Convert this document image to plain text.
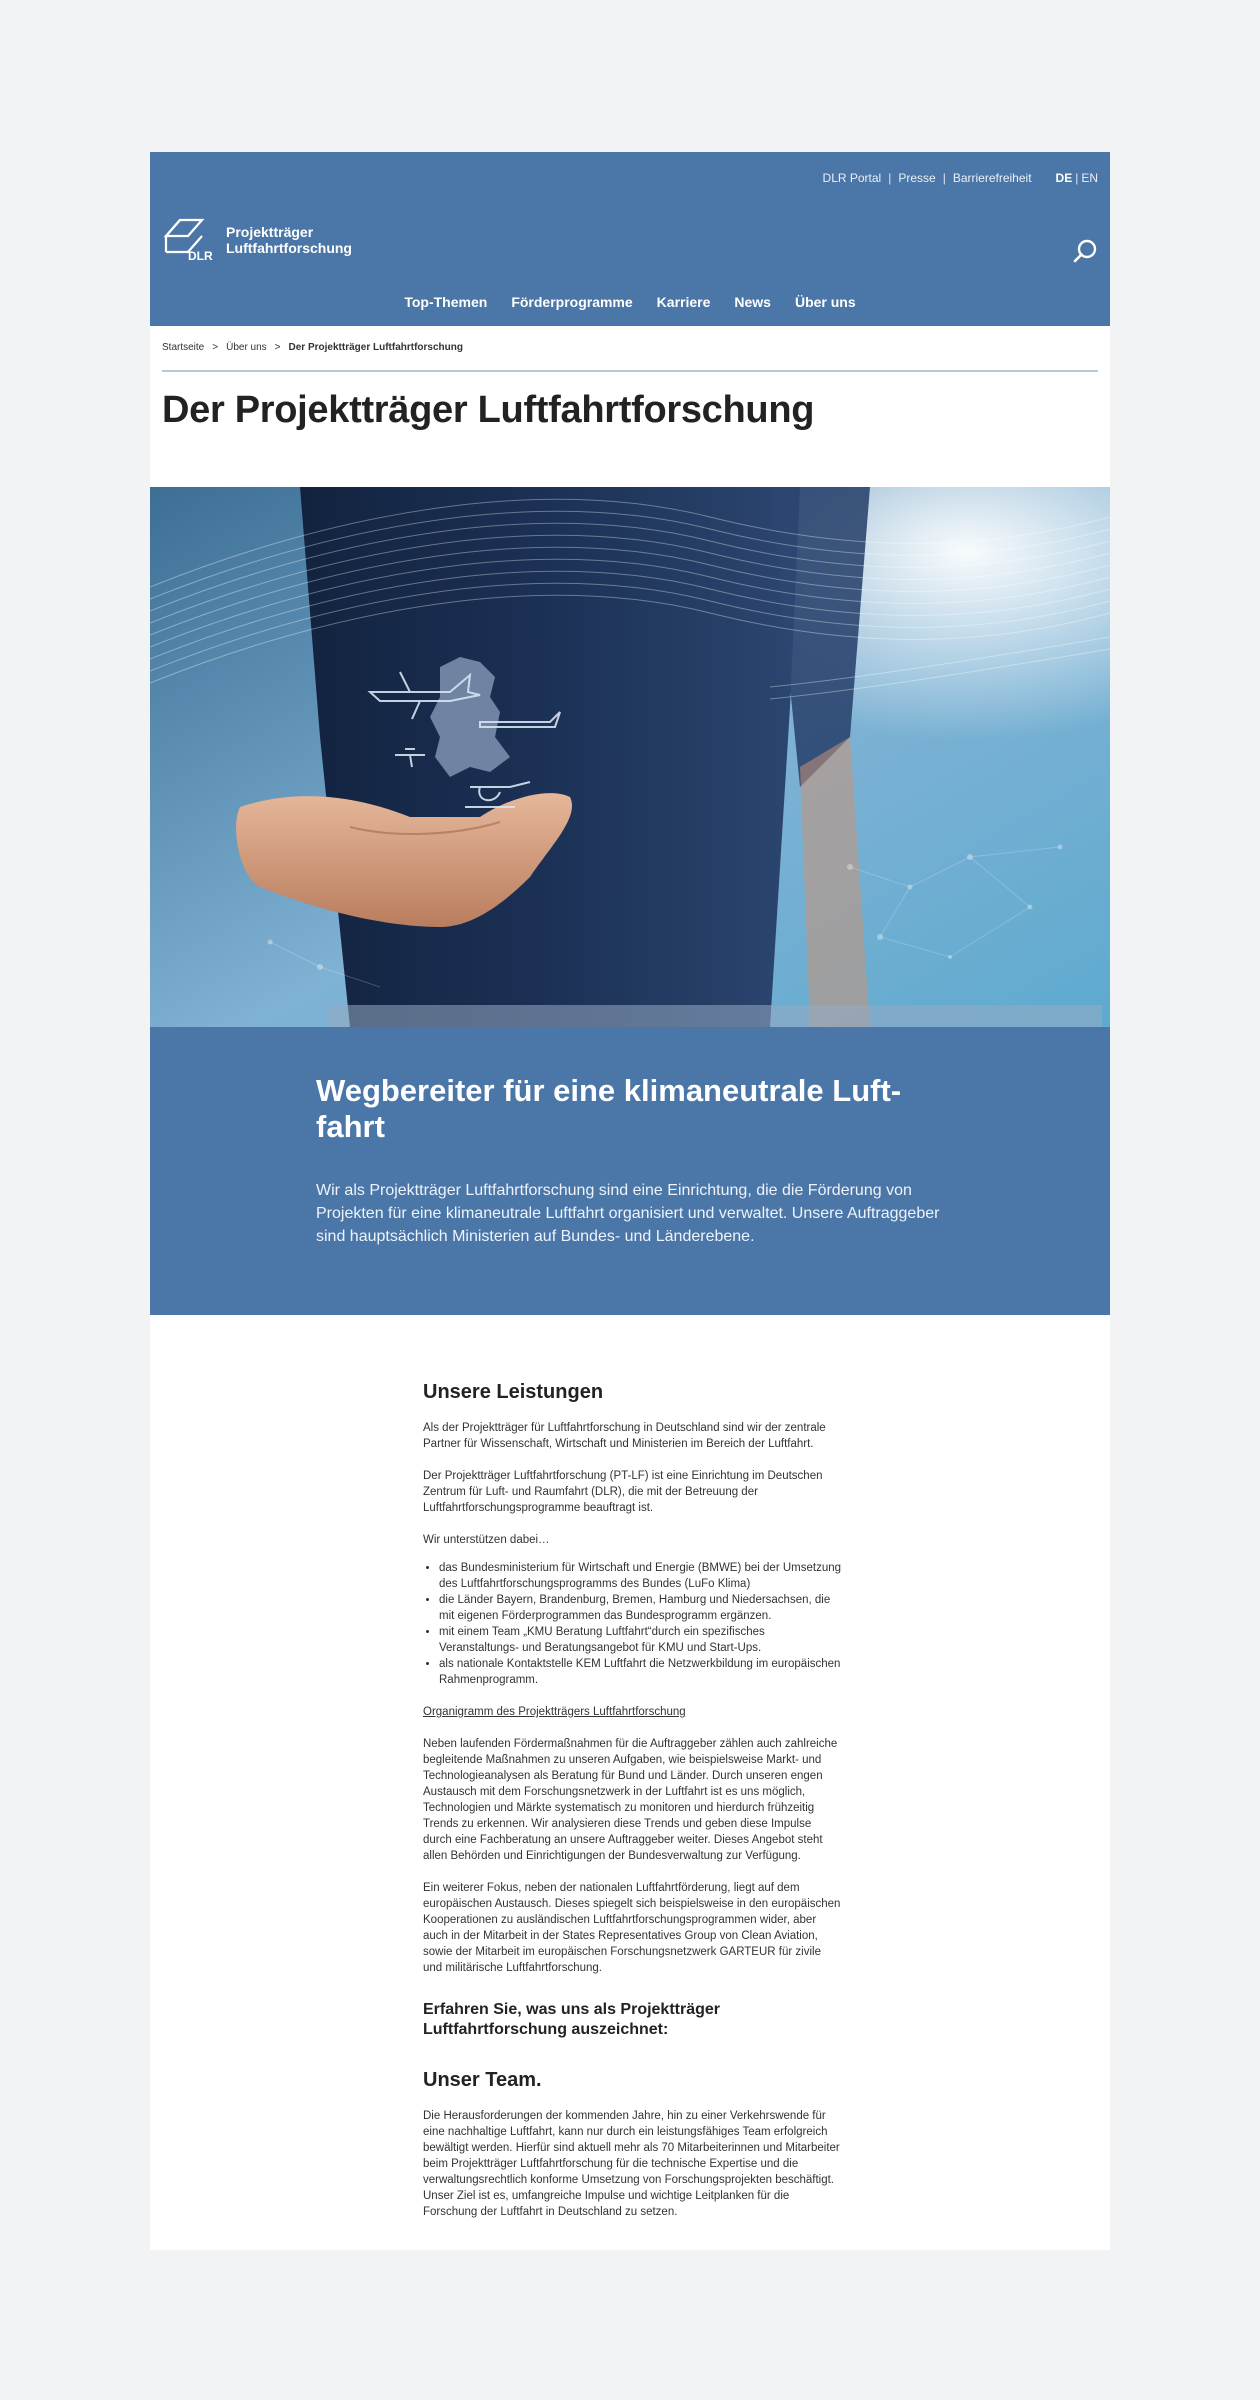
DLR Portal | Presse | Barrierefreiheit DE | EN
DLR
Projektträger
Luftfahrtforschung
Top-Themen	Förderprogramme	Karriere	News	Über uns
Startseite > Über uns > Der Projektträger Luftfahrtforschung
Der Projektträger Luftfahrtforschung
Wegbereiter für eine klimaneutrale Luft-fahrt

Wir als Projektträger Luftfahrtforschung sind eine Einrichtung, die die Förderung von Projekten für eine klimaneutrale Luftfahrt organisiert und verwaltet. Unsere Auftraggeber sind hauptsächlich Ministerien auf Bundes- und Länderebene.

Unsere Leistungen

Als der Projektträger für Luftfahrtforschung in Deutschland sind wir der zentrale Partner für Wissenschaft, Wirtschaft und Ministerien im Bereich der Luftfahrt.

Der Projektträger Luftfahrtforschung (PT-LF) ist eine Einrichtung im Deutschen Zentrum für Luft- und Raumfahrt (DLR), die mit der Betreuung der Luftfahrtforschungsprogramme beauftragt ist.

Wir unterstützen dabei…

• das Bundesministerium für Wirtschaft und Energie (BMWE) bei der Umsetzung des Luftfahrtforschungsprogramms des Bundes (LuFo Klima)
• die Länder Bayern, Brandenburg, Bremen, Hamburg und Niedersachsen, die mit eigenen Förderprogrammen das Bundesprogramm ergänzen.
• mit einem Team „KMU Beratung Luftfahrt“durch ein spezifisches Veranstaltungs- und Beratungsangebot für KMU und Start-Ups.
• als nationale Kontaktstelle KEM Luftfahrt die Netzwerkbildung im europäischen Rahmenprogramm.

Organigramm des Projektträgers Luftfahrtforschung

Neben laufenden Fördermaßnahmen für die Auftraggeber zählen auch zahlreiche begleitende Maßnahmen zu unseren Aufgaben, wie beispielsweise Markt- und Technologieanalysen als Beratung für Bund und Länder. Durch unseren engen Austausch mit dem Forschungsnetzwerk in der Luftfahrt ist es uns möglich, Technologien und Märkte systematisch zu monitoren und hierdurch frühzeitig Trends zu erkennen. Wir analysieren diese Trends und geben diese Impulse durch eine Fachberatung an unsere Auftraggeber weiter. Dieses Angebot steht allen Behörden und Einrichtigungen der Bundesverwaltung zur Verfügung.

Ein weiterer Fokus, neben der nationalen Luftfahrtförderung, liegt auf dem europäischen Austausch. Dieses spiegelt sich beispielsweise in den europäischen Kooperationen zu ausländischen Luftfahrtforschungsprogrammen wider, aber auch in der Mitarbeit in der States Representatives Group von Clean Aviation, sowie der Mitarbeit im europäischen Forschungsnetzwerk GARTEUR für zivile und militärische Luftfahrtforschung.

Erfahren Sie, was uns als Projektträger Luftfahrtforschung auszeichnet:
Unser Team.

Die Herausforderungen der kommenden Jahre, hin zu einer Verkehrswende für eine nachhaltige Luftfahrt, kann nur durch ein leistungsfähiges Team erfolgreich bewältigt werden. Hierfür sind aktuell mehr als 70 Mitarbeiterinnen und Mitarbeiter beim Projektträger Luftfahrtforschung für die technische Expertise und die verwaltungsrechtlich konforme Umsetzung von Forschungsprojekten beschäftigt. Unser Ziel ist es, umfangreiche Impulse und wichtige Leitplanken für die Forschung der Luftfahrt in Deutschland zu setzen.
